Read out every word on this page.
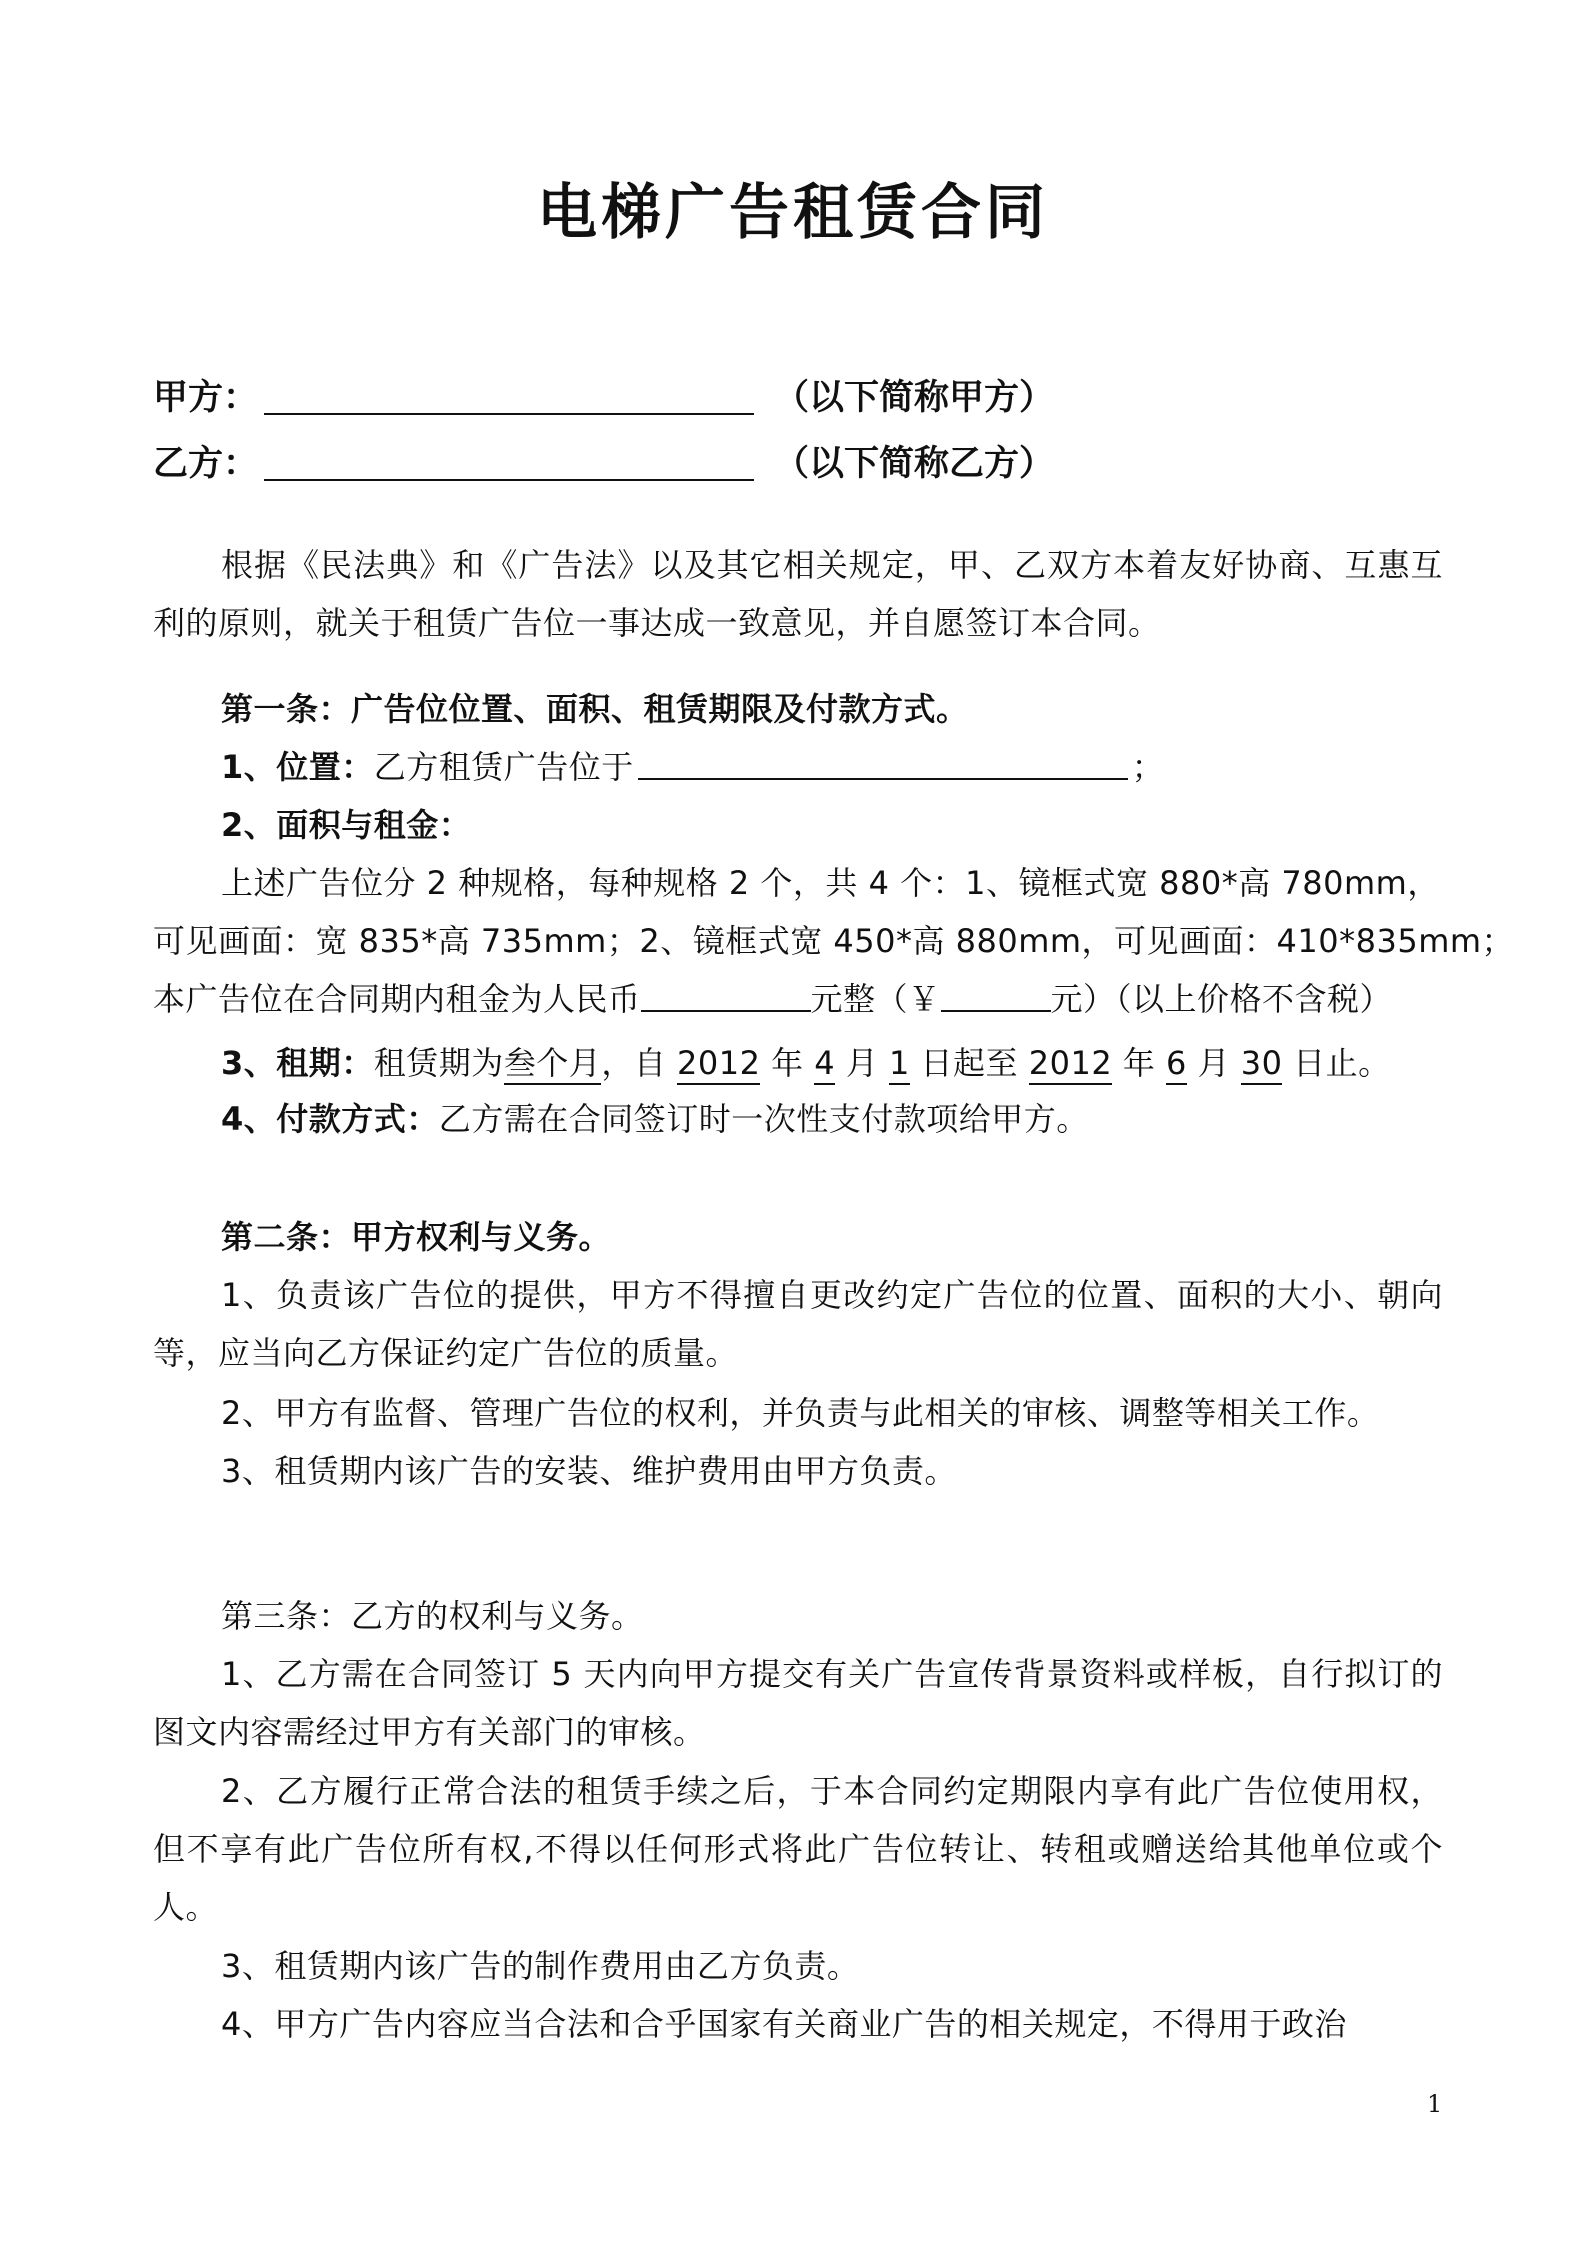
电梯广告租赁合同
甲方：	（以下简称甲方）
乙方：	（以下简称乙方）
根据《民法典》和《广告法》以及其它相关规定，甲、乙双方本着友好协商、互惠互利的原则，就关于租赁广告位一事达成一致意见，并自愿签订本合同。
第一条：广告位位置、面积、租赁期限及付款方式。
1、位置：乙方租赁广告位于	；
2、面积与租金：
上述广告位分 2 种规格，每种规格 2 个，共 4 个：1、镜框式宽 880*高 780mm，
可见画面：宽 835*高 735mm；2、镜框式宽 450*高 880mm，可见画面：410*835mm；
本广告位在合同期内租金为人民币	元整（￥	元）（以上价格不含税）
3、租期：租赁期为叁个月，自 2012 年 4 月 1 日起至 2012 年 6 月 30 日止。
4、付款方式：乙方需在合同签订时一次性支付款项给甲方。
第二条：甲方权利与义务。
1、负责该广告位的提供，甲方不得擅自更改约定广告位的位置、面积的大小、朝向等，应当向乙方保证约定广告位的质量。
2、甲方有监督、管理广告位的权利，并负责与此相关的审核、调整等相关工作。
3、租赁期内该广告的安装、维护费用由甲方负责。
第三条：乙方的权利与义务。
1、乙方需在合同签订 5 天内向甲方提交有关广告宣传背景资料或样板，自行拟订的图文内容需经过甲方有关部门的审核。
2、乙方履行正常合法的租赁手续之后，于本合同约定期限内享有此广告位使用权，但不享有此广告位所有权,不得以任何形式将此广告位转让、转租或赠送给其他单位或个人。
3、租赁期内该广告的制作费用由乙方负责。
4、甲方广告内容应当合法和合乎国家有关商业广告的相关规定，不得用于政治
1
